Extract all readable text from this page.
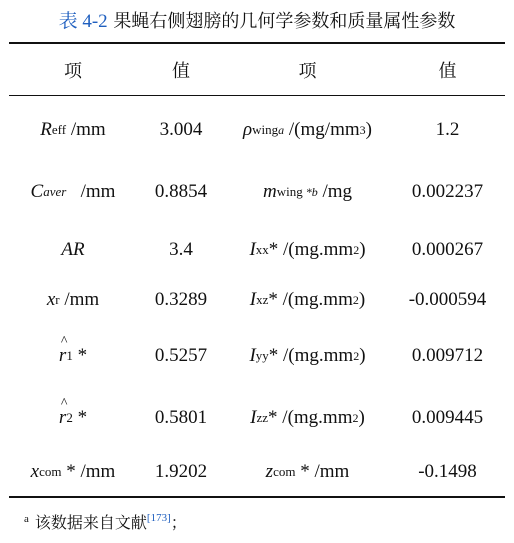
表 4-2 果蝇右侧翅膀的几何学参数和质量属性参数
项	值	项	值
R eff /mm	3.004	ρ wing a /(mg/mm 3 )	1.2
C aver /mm	0.8854	m wing *b /mg	0.002237
AR	3.4	I xx * /(mg.mm 2 )	0.000267
x r /mm	0.3289	I xz * /(mg.mm 2 )	-0.000594
^ r 1 *	0.5257	I yy * /(mg.mm 2 )	0.009712
^ r 2 *	0.5801	I zz * /(mg.mm 2 )	0.009445
x com * /mm	1.9202	z com * /mm	-0.1498
$^a$ 该数据来自文献[173]；
